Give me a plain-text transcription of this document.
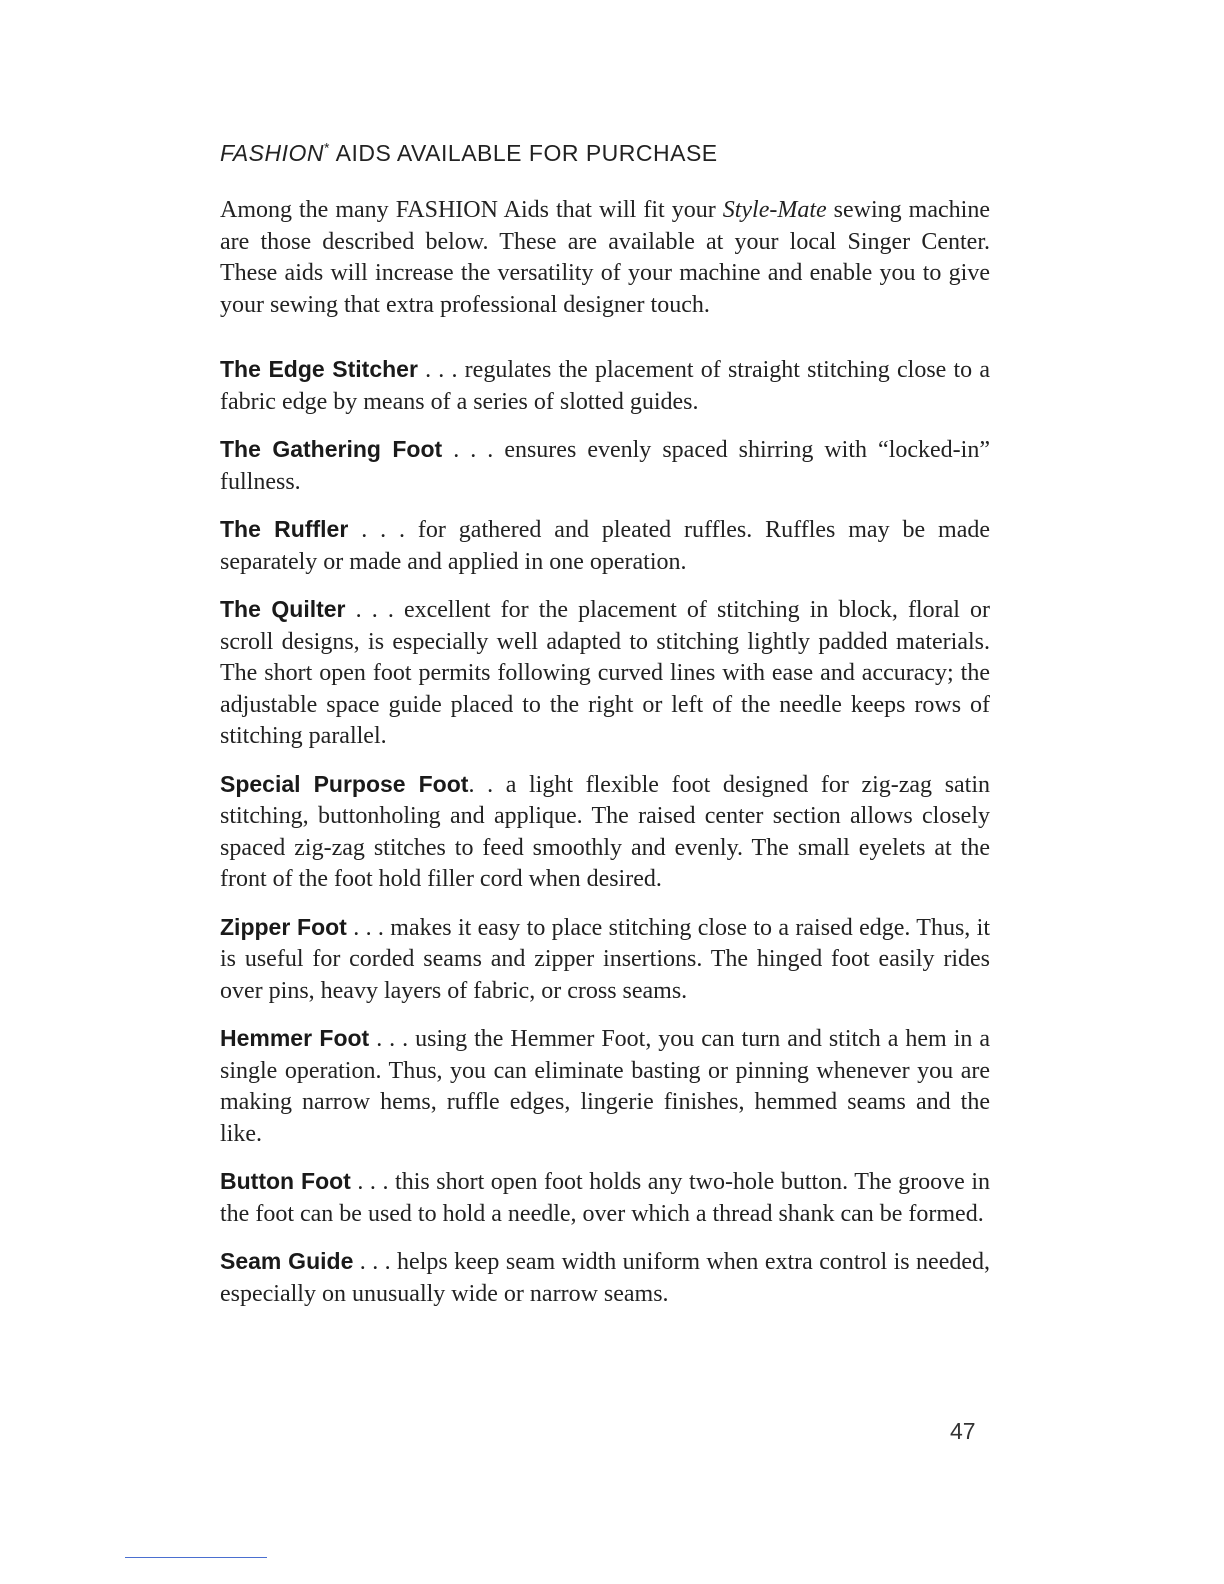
FASHION* AIDS AVAILABLE FOR PURCHASE

Among the many FASHION Aids that will fit your Style-Mate sewing machine are those described below. These are available at your local Singer Center. These aids will increase the versatility of your machine and enable you to give your sewing that extra professional designer touch.

The Edge Stitcher . . . regulates the placement of straight stitching close to a fabric edge by means of a series of slotted guides.

The Gathering Foot . . . ensures evenly spaced shirring with “locked-in” fullness.

The Ruffler . . . for gathered and pleated ruffles. Ruffles may be made separately or made and applied in one operation.

The Quilter . . . excellent for the placement of stitching in block, floral or scroll designs, is especially well adapted to stitching lightly padded materials. The short open foot permits following curved lines with ease and accuracy; the adjustable space guide placed to the right or left of the needle keeps rows of stitching parallel.

Special Purpose Foot. . a light flexible foot designed for zig-zag satin stitching, buttonholing and applique. The raised center section allows closely spaced zig-zag stitches to feed smoothly and evenly. The small eyelets at the front of the foot hold filler cord when desired.

Zipper Foot . . . makes it easy to place stitching close to a raised edge. Thus, it is useful for corded seams and zipper insertions. The hinged foot easily rides over pins, heavy layers of fabric, or cross seams.

Hemmer Foot . . . using the Hemmer Foot, you can turn and stitch a hem in a single operation. Thus, you can eliminate basting or pinning whenever you are making narrow hems, ruffle edges, lingerie finishes, hemmed seams and the like.

Button Foot . . . this short open foot holds any two-hole button. The groove in the foot can be used to hold a needle, over which a thread shank can be formed.

Seam Guide . . . helps keep seam width uniform when extra control is needed, especially on unusually wide or narrow seams.

47
